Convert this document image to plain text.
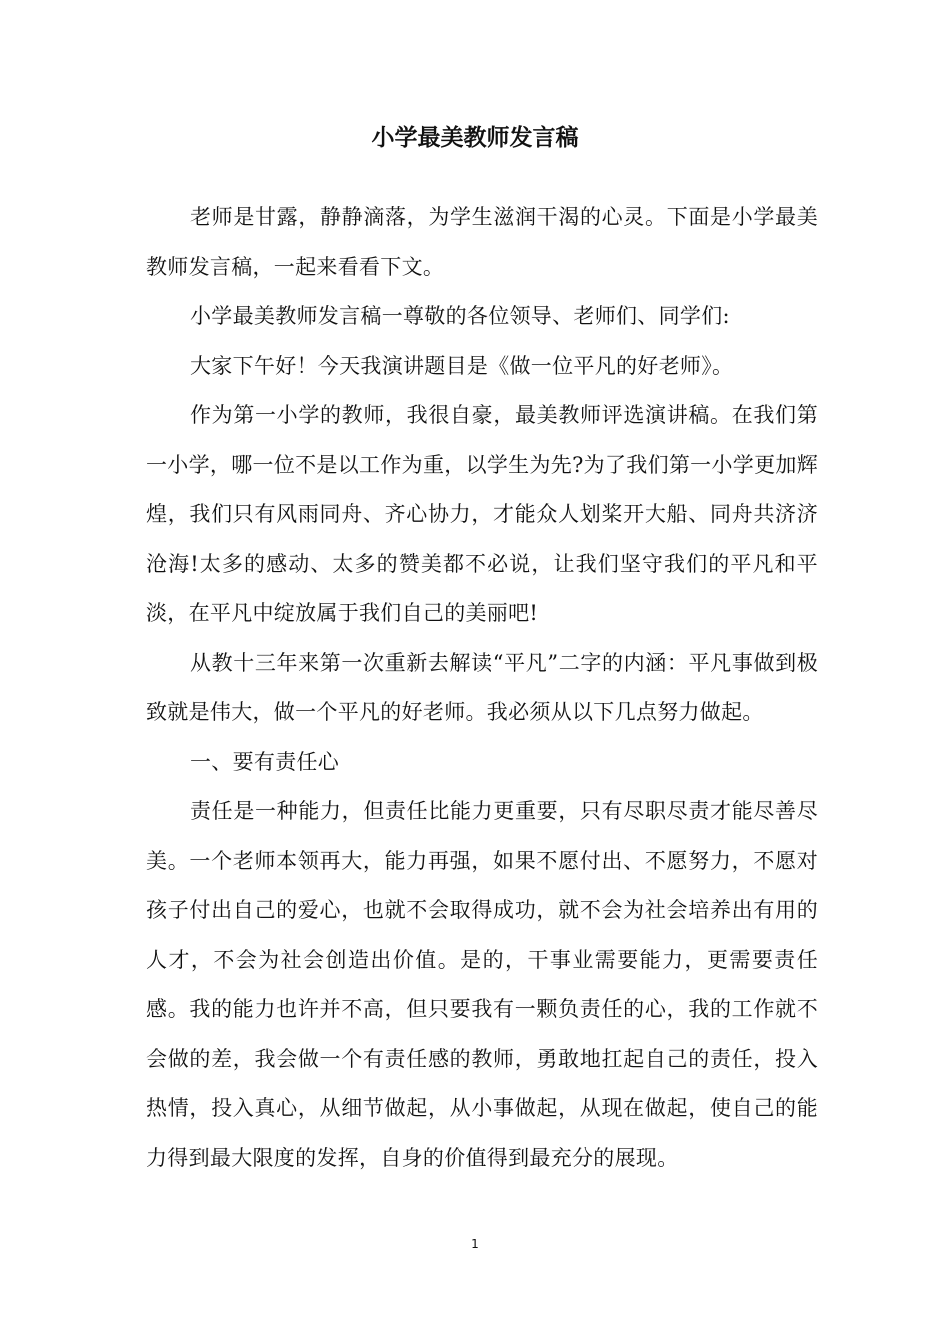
小学最美教师发言稿

老师是甘露，静静滴落，为学生滋润干渴的心灵。下面是小学最美教师发言稿，一起来看看下文。

小学最美教师发言稿一尊敬的各位领导、老师们、同学们:

大家下午好！今天我演讲题目是《做一位平凡的好老师》。

作为第一小学的教师，我很自豪，最美教师评选演讲稿。在我们第一小学，哪一位不是以工作为重，以学生为先?为了我们第一小学更加辉煌，我们只有风雨同舟、齐心协力，才能众人划桨开大船、同舟共济济沧海!太多的感动、太多的赞美都不必说，让我们坚守我们的平凡和平淡，在平凡中绽放属于我们自己的美丽吧!

从教十三年来第一次重新去解读“平凡”二字的内涵：平凡事做到极致就是伟大，做一个平凡的好老师。我必须从以下几点努力做起。

一、要有责任心

责任是一种能力，但责任比能力更重要，只有尽职尽责才能尽善尽美。一个老师本领再大，能力再强，如果不愿付出、不愿努力，不愿对孩子付出自己的爱心，也就不会取得成功，就不会为社会培养出有用的人才，不会为社会创造出价值。是的，干事业需要能力，更需要责任感。我的能力也许并不高，但只要我有一颗负责任的心，我的工作就不会做的差，我会做一个有责任感的教师，勇敢地扛起自己的责任，投入热情，投入真心，从细节做起，从小事做起，从现在做起，使自己的能力得到最大限度的发挥，自身的价值得到最充分的展现。

1
